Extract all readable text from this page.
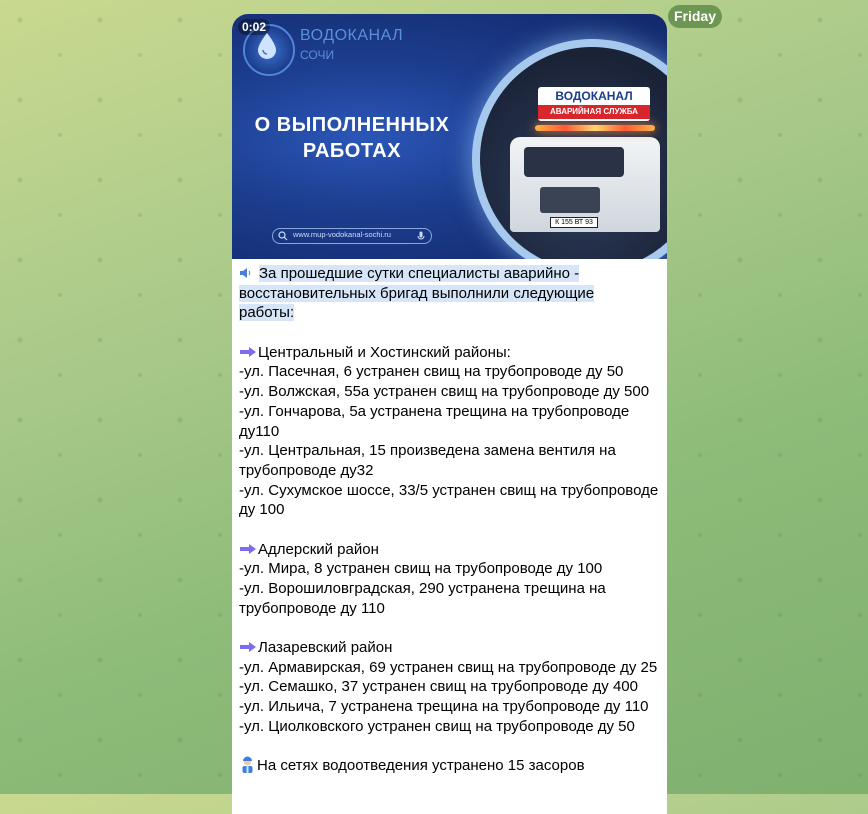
Friday
0:02 ВОДОКАНАЛ
СОЧИ
О ВЫПОЛНЕННЫХ
РАБОТАХ
www.mup-vodokanal-sochi.ru
К 155 ВТ 93
ВОДОКАНАЛ
АВАРИЙНАЯ СЛУЖБА
За прошедшие сутки специалисты аварийно -
восстановительных бригад выполнили следующие
работы:
Центральный и Хостинский районы:
-ул. Пасечная, 6 устранен свищ на трубопроводе ду 50
-ул. Волжская, 55а устранен свищ на трубопроводе ду 500
-ул. Гончарова, 5а устранена трещина на трубопроводе
ду110
-ул. Центральная, 15 произведена замена вентиля на
трубопроводе ду32
-ул. Сухумское шоссе, 33/5 устранен свищ на трубопроводе
ду 100
Адлерский район
-ул. Мира, 8 устранен свищ на трубопроводе ду 100
-ул. Ворошиловградская, 290 устранена трещина на
трубопроводе ду 110
Лазаревский район
-ул. Армавирская, 69 устранен свищ на трубопроводе ду 25
-ул. Семашко, 37 устранен свищ на трубопроводе ду 400
-ул. Ильича, 7 устранена трещина на трубопроводе ду 110
-ул. Циолковского устранен свищ на трубопроводе ду 50
На сетях водоотведения устранено 15 засоров
